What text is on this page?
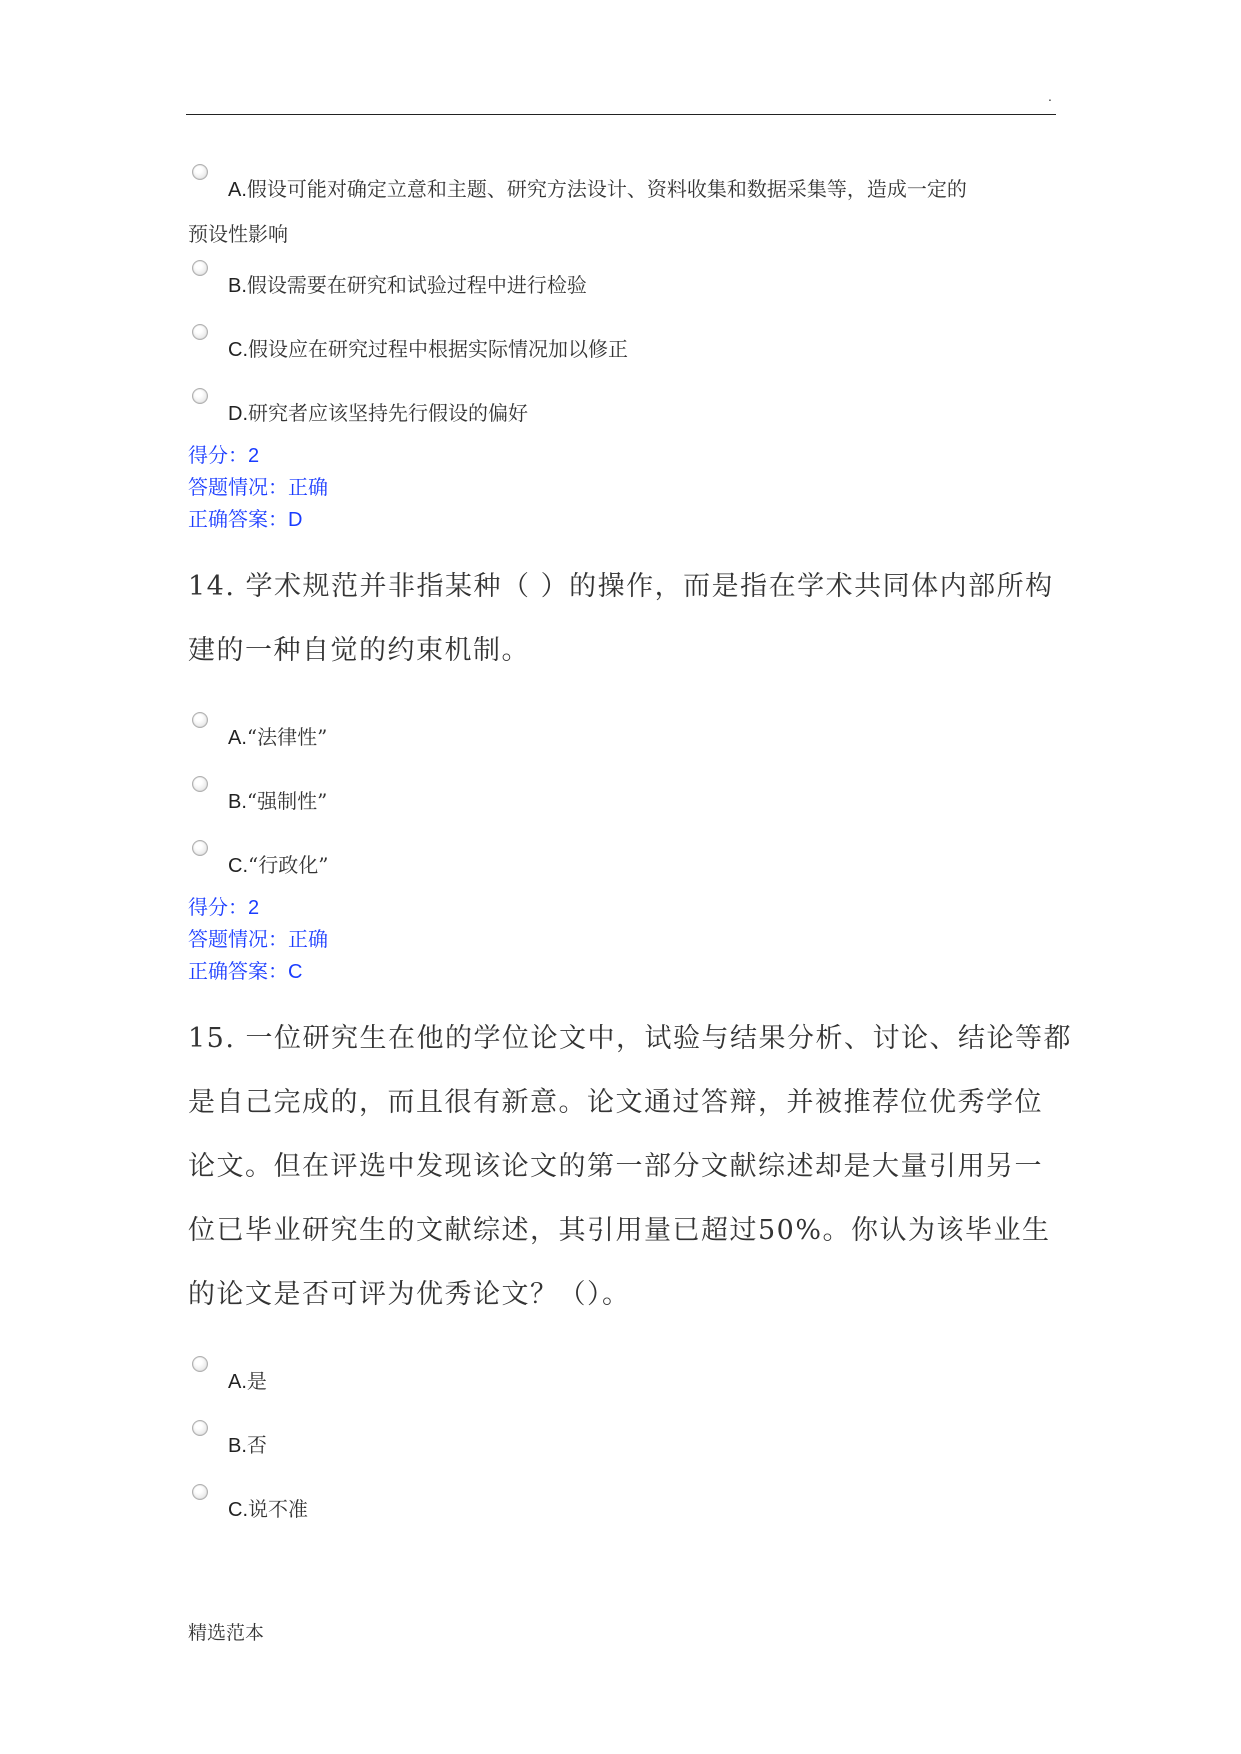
.
A.假设可能对确定立意和主题、研究方法设计、资料收集和数据采集等，造成一定的
预设性影响
B.假设需要在研究和试验过程中进行检验
C.假设应在研究过程中根据实际情况加以修正
D.研究者应该坚持先行假设的偏好
得分：2
答题情况：正确
正确答案：D
14. 学术规范并非指某种（ ）的操作，而是指在学术共同体内部所构
建的一种自觉的约束机制。
A.“法律性”
B.“强制性”
C.“行政化”
得分：2
答题情况：正确
正确答案：C
15. 一位研究生在他的学位论文中，试验与结果分析、讨论、结论等都
是自己完成的，而且很有新意。论文通过答辩，并被推荐位优秀学位
论文。但在评选中发现该论文的第一部分文献综述却是大量引用另一
位已毕业研究生的文献综述，其引用量已超过50%。你认为该毕业生
的论文是否可评为优秀论文？（）。
A.是
B.否
C.说不准
精选范本
